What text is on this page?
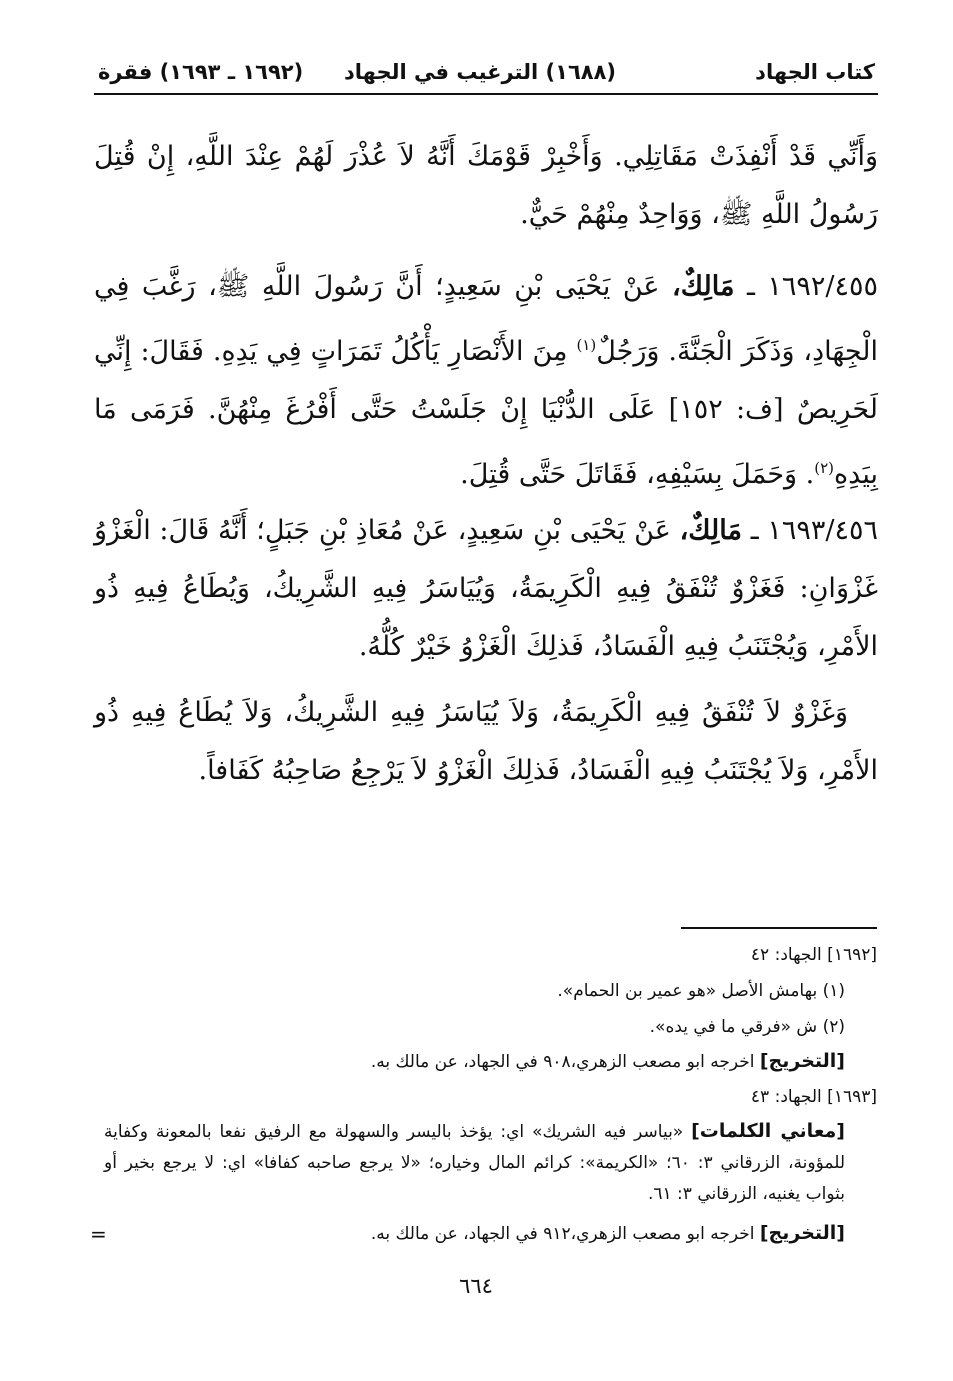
كتاب الجهاد
(١٦٨٨) الترغيب في الجهاد
(١٦٩٢ ـ ١٦٩٣) فقرة
وَأَنِّي قَدْ أَنْفِذَتْ مَقَاتِلِي. وَأَخْبِرْ قَوْمَكَ أَنَّهُ لاَ عُذْرَ لَهُمْ عِنْدَ اللَّهِ، إِنْ قُتِلَ رَسُولُ اللَّهِ ﷺ، وَوَاحِدٌ مِنْهُمْ حَيٌّ.
١٦٩٢/٤٥٥ ـ مَالِكٌ، عَنْ يَحْيَى بْنِ سَعِيدٍ؛ أَنَّ رَسُولَ اللَّهِ ﷺ، رَغَّبَ فِي الْجِهَادِ، وَذَكَرَ الْجَنَّةَ. وَرَجُلٌ$^{(١)}$ مِنَ الأَنْصَارِ يَأْكُلُ تَمَرَاتٍ فِي يَدِهِ. فَقَالَ: إِنِّي لَحَرِيصٌ [ف: ١٥٢] عَلَى الدُّنْيَا إِنْ جَلَسْتُ حَتَّى أَفْرُغَ مِنْهُنَّ. فَرَمَى مَا بِيَدِهِ$^{(٢)}$. وَحَمَلَ بِسَيْفِهِ، فَقَاتَلَ حَتَّى قُتِلَ.
١٦٩٣/٤٥٦ ـ مَالِكٌ، عَنْ يَحْيَى بْنِ سَعِيدٍ، عَنْ مُعَاذِ بْنِ جَبَلٍ؛ أَنَّهُ قَالَ: الْغَزْوُ غَزْوَانِ: فَغَزْوٌ تُنْفَقُ فِيهِ الْكَرِيمَةُ، وَيُيَاسَرُ فِيهِ الشَّرِيكُ، وَيُطَاعُ فِيهِ ذُو الأَمْرِ، وَيُجْتَنَبُ فِيهِ الْفَسَادُ، فَذلِكَ الْغَزْوُ خَيْرٌ كُلُّهُ.
وَغَزْوٌ لاَ تُنْفَقُ فِيهِ الْكَرِيمَةُ، وَلاَ يُيَاسَرُ فِيهِ الشَّرِيكُ، وَلاَ يُطَاعُ فِيهِ ذُو الأَمْرِ، وَلاَ يُجْتَنَبُ فِيهِ الْفَسَادُ، فَذلِكَ الْغَزْوُ لاَ يَرْجِعُ صَاحِبُهُ كَفَافاً.
[١٦٩٢] الجهاد: ٤٢
(١) بهامش الأصل «هو عمير بن الحمام».
(٢) ش «فرقي ما في يده».
[التخريج] اخرجه ابو مصعب الزهري،٩٠٨ في الجهاد، عن مالك به.
[١٦٩٣] الجهاد: ٤٣
[معاني الكلمات] «بياسر فيه الشريك» اي: يؤخذ باليسر والسهولة مع الرفيق نفعا بالمعونة وكفاية للمؤونة، الزرقاني ٣: ٦٠؛ «الكريمة»: كرائم المال وخياره؛ «لا يرجع صاحبه كفافا» اي: لا يرجع بخير أو بثواب يغنيه، الزرقاني ٣: ٦١.
[التخريج] اخرجه ابو مصعب الزهري،٩١٢ في الجهاد، عن مالك به.
=
٦٦٤
